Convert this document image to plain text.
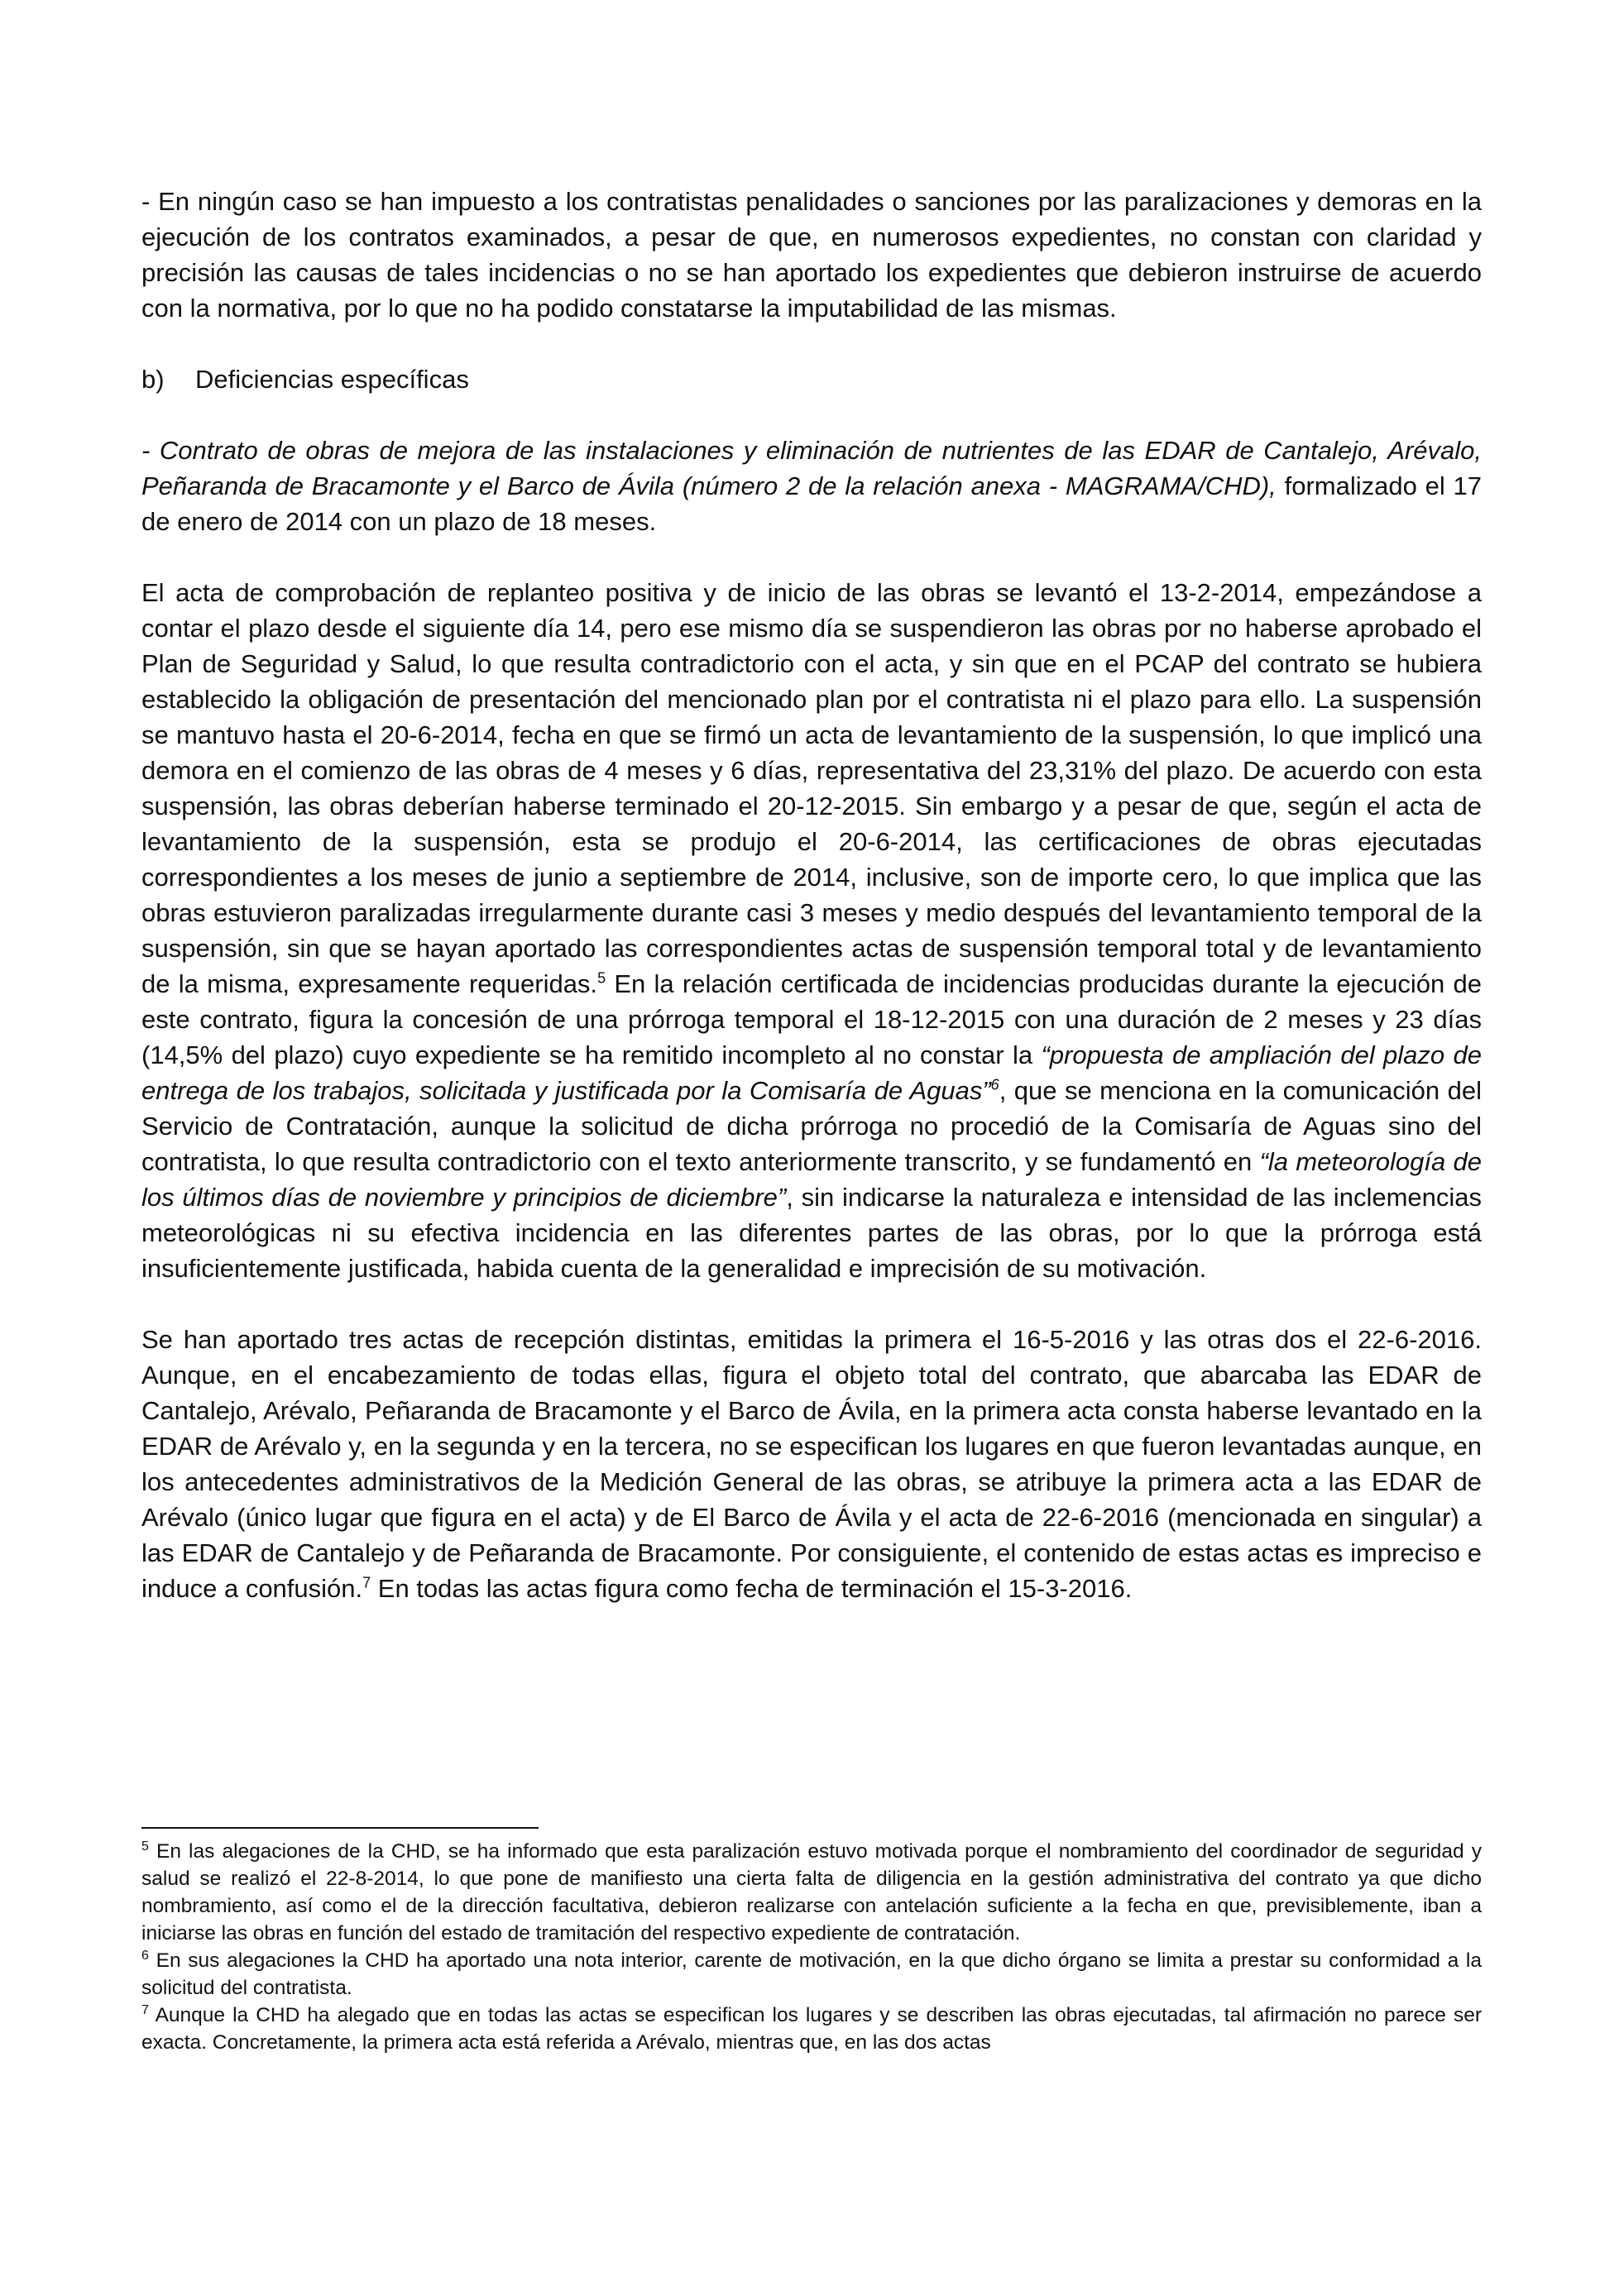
- En ningún caso se han impuesto a los contratistas penalidades o sanciones por las paralizaciones y demoras en la ejecución de los contratos examinados, a pesar de que, en numerosos expedientes, no constan con claridad y precisión las causas de tales incidencias o no se han aportado los expedientes que debieron instruirse de acuerdo con la normativa, por lo que no ha podido constatarse la imputabilidad de las mismas.

b)	Deficiencias específicas

- Contrato de obras de mejora de las instalaciones y eliminación de nutrientes de las EDAR de Cantalejo, Arévalo, Peñaranda de Bracamonte y el Barco de Ávila (número 2 de la relación anexa - MAGRAMA/CHD), formalizado el 17 de enero de 2014 con un plazo de 18 meses.

El acta de comprobación de replanteo positiva y de inicio de las obras se levantó el 13-2-2014, empezándose a contar el plazo desde el siguiente día 14, pero ese mismo día se suspendieron las obras por no haberse aprobado el Plan de Seguridad y Salud, lo que resulta contradictorio con el acta, y sin que en el PCAP del contrato se hubiera establecido la obligación de presentación del mencionado plan por el contratista ni el plazo para ello. La suspensión se mantuvo hasta el 20-6-2014, fecha en que se firmó un acta de levantamiento de la suspensión, lo que implicó una demora en el comienzo de las obras de 4 meses y 6 días, representativa del 23,31% del plazo. De acuerdo con esta suspensión, las obras deberían haberse terminado el 20-12-2015. Sin embargo y a pesar de que, según el acta de levantamiento de la suspensión, esta se produjo el 20-6-2014, las certificaciones de obras ejecutadas correspondientes a los meses de junio a septiembre de 2014, inclusive, son de importe cero, lo que implica que las obras estuvieron paralizadas irregularmente durante casi 3 meses y medio después del levantamiento temporal de la suspensión, sin que se hayan aportado las correspondientes actas de suspensión temporal total y de levantamiento de la misma, expresamente requeridas.$^5$ En la relación certificada de incidencias producidas durante la ejecución de este contrato, figura la concesión de una prórroga temporal el 18-12-2015 con una duración de 2 meses y 23 días (14,5% del plazo) cuyo expediente se ha remitido incompleto al no constar la “propuesta de ampliación del plazo de entrega de los trabajos, solicitada y justificada por la Comisaría de Aguas”$^6$, que se menciona en la comunicación del Servicio de Contratación, aunque la solicitud de dicha prórroga no procedió de la Comisaría de Aguas sino del contratista, lo que resulta contradictorio con el texto anteriormente transcrito, y se fundamentó en “la meteorología de los últimos días de noviembre y principios de diciembre”, sin indicarse la naturaleza e intensidad de las inclemencias meteorológicas ni su efectiva incidencia en las diferentes partes de las obras, por lo que la prórroga está insuficientemente justificada, habida cuenta de la generalidad e imprecisión de su motivación.

Se han aportado tres actas de recepción distintas, emitidas la primera el 16-5-2016 y las otras dos el 22-6-2016. Aunque, en el encabezamiento de todas ellas, figura el objeto total del contrato, que abarcaba las EDAR de Cantalejo, Arévalo, Peñaranda de Bracamonte y el Barco de Ávila, en la primera acta consta haberse levantado en la EDAR de Arévalo y, en la segunda y en la tercera, no se especifican los lugares en que fueron levantadas aunque, en los antecedentes administrativos de la Medición General de las obras, se atribuye la primera acta a las EDAR de Arévalo (único lugar que figura en el acta) y de El Barco de Ávila y el acta de 22-6-2016 (mencionada en singular) a las EDAR de Cantalejo y de Peñaranda de Bracamonte. Por consiguiente, el contenido de estas actas es impreciso e induce a confusión.$^7$ En todas las actas figura como fecha de terminación el 15-3-2016.

$^5$ En las alegaciones de la CHD, se ha informado que esta paralización estuvo motivada porque el nombramiento del coordinador de seguridad y salud se realizó el 22-8-2014, lo que pone de manifiesto una cierta falta de diligencia en la gestión administrativa del contrato ya que dicho nombramiento, así como el de la dirección facultativa, debieron realizarse con antelación suficiente a la fecha en que, previsiblemente, iban a iniciarse las obras en función del estado de tramitación del respectivo expediente de contratación.

$^6$ En sus alegaciones la CHD ha aportado una nota interior, carente de motivación, en la que dicho órgano se limita a prestar su conformidad a la solicitud del contratista.

$^7$ Aunque la CHD ha alegado que en todas las actas se especifican los lugares y se describen las obras ejecutadas, tal afirmación no parece ser exacta. Concretamente, la primera acta está referida a Arévalo, mientras que, en las dos actas
